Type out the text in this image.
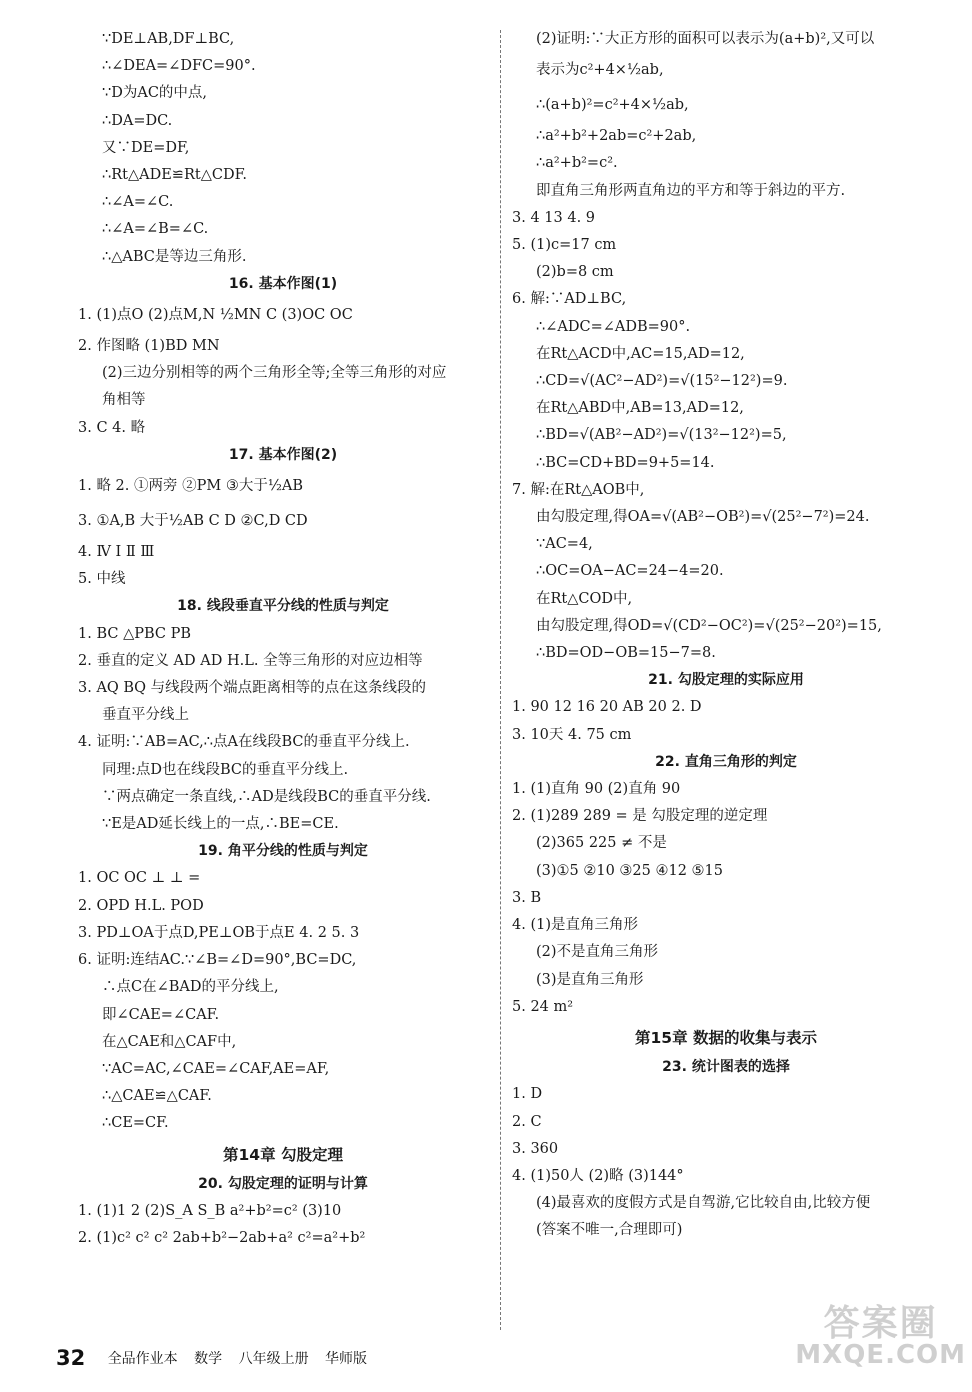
∵DE⊥AB,DF⊥BC,
∴∠DEA=∠DFC=90°.
∵D为AC的中点,
∴DA=DC.
又∵DE=DF,
∴Rt△ADE≌Rt△CDF.
∴∠A=∠C.
∴∠A=∠B=∠C.
∴△ABC是等边三角形.
16. 基本作图(1)
1. (1)点O (2)点M,N ½MN C (3)OC OC
2. 作图略 (1)BD MN
(2)三边分别相等的两个三角形全等;全等三角形的对应
角相等
3. C 4. 略
17. 基本作图(2)
1. 略 2. ①两旁 ②PM ③大于½AB
3. ①A,B 大于½AB C D ②C,D CD
4. Ⅳ Ⅰ Ⅱ Ⅲ
5. 中线
18. 线段垂直平分线的性质与判定
1. BC △PBC PB
2. 垂直的定义 AD AD H.L. 全等三角形的对应边相等
3. AQ BQ 与线段两个端点距离相等的点在这条线段的
垂直平分线上
4. 证明:∵AB=AC,∴点A在线段BC的垂直平分线上.
同理:点D也在线段BC的垂直平分线上.
∵两点确定一条直线,∴AD是线段BC的垂直平分线.
∵E是AD延长线上的一点,∴BE=CE.
19. 角平分线的性质与判定
1. OC OC ⊥ ⊥ =
2. OPD H.L. POD
3. PD⊥OA于点D,PE⊥OB于点E 4. 2 5. 3
6. 证明:连结AC.∵∠B=∠D=90°,BC=DC,
∴点C在∠BAD的平分线上,
即∠CAE=∠CAF.
在△CAE和△CAF中,
∵AC=AC,∠CAE=∠CAF,AE=AF,
∴△CAE≌△CAF.
∴CE=CF.
第14章 勾股定理
20. 勾股定理的证明与计算
1. (1)1 2 (2)S_A S_B a²+b²=c² (3)10
2. (1)c² c² c² 2ab+b²−2ab+a² c²=a²+b²
(2)证明:∵大正方形的面积可以表示为(a+b)²,又可以
表示为c²+4×½ab,
∴(a+b)²=c²+4×½ab,
∴a²+b²+2ab=c²+2ab,
∴a²+b²=c².
即直角三角形两直角边的平方和等于斜边的平方.
3. 4 13 4. 9
5. (1)c=17 cm
(2)b=8 cm
6. 解:∵AD⊥BC,
∴∠ADC=∠ADB=90°.
在Rt△ACD中,AC=15,AD=12,
∴CD=√(AC²−AD²)=√(15²−12²)=9.
在Rt△ABD中,AB=13,AD=12,
∴BD=√(AB²−AD²)=√(13²−12²)=5,
∴BC=CD+BD=9+5=14.
7. 解:在Rt△AOB中,
由勾股定理,得OA=√(AB²−OB²)=√(25²−7²)=24.
∵AC=4,
∴OC=OA−AC=24−4=20.
在Rt△COD中,
由勾股定理,得OD=√(CD²−OC²)=√(25²−20²)=15,
∴BD=OD−OB=15−7=8.
21. 勾股定理的实际应用
1. 90 12 16 20 AB 20 2. D
3. 10天 4. 75 cm
22. 直角三角形的判定
1. (1)直角 90 (2)直角 90
2. (1)289 289 = 是 勾股定理的逆定理
(2)365 225 ≠ 不是
(3)①5 ②10 ③25 ④12 ⑤15
3. B
4. (1)是直角三角形
(2)不是直角三角形
(3)是直角三角形
5. 24 m²
第15章 数据的收集与表示
23. 统计图表的选择
1. D
2. C
3. 360
4. (1)50人 (2)略 (3)144°
(4)最喜欢的度假方式是自驾游,它比较自由,比较方便
(答案不唯一,合理即可)
32 全品作业本 数学 八年级上册 华师版
答案圈
MXQE.COM
